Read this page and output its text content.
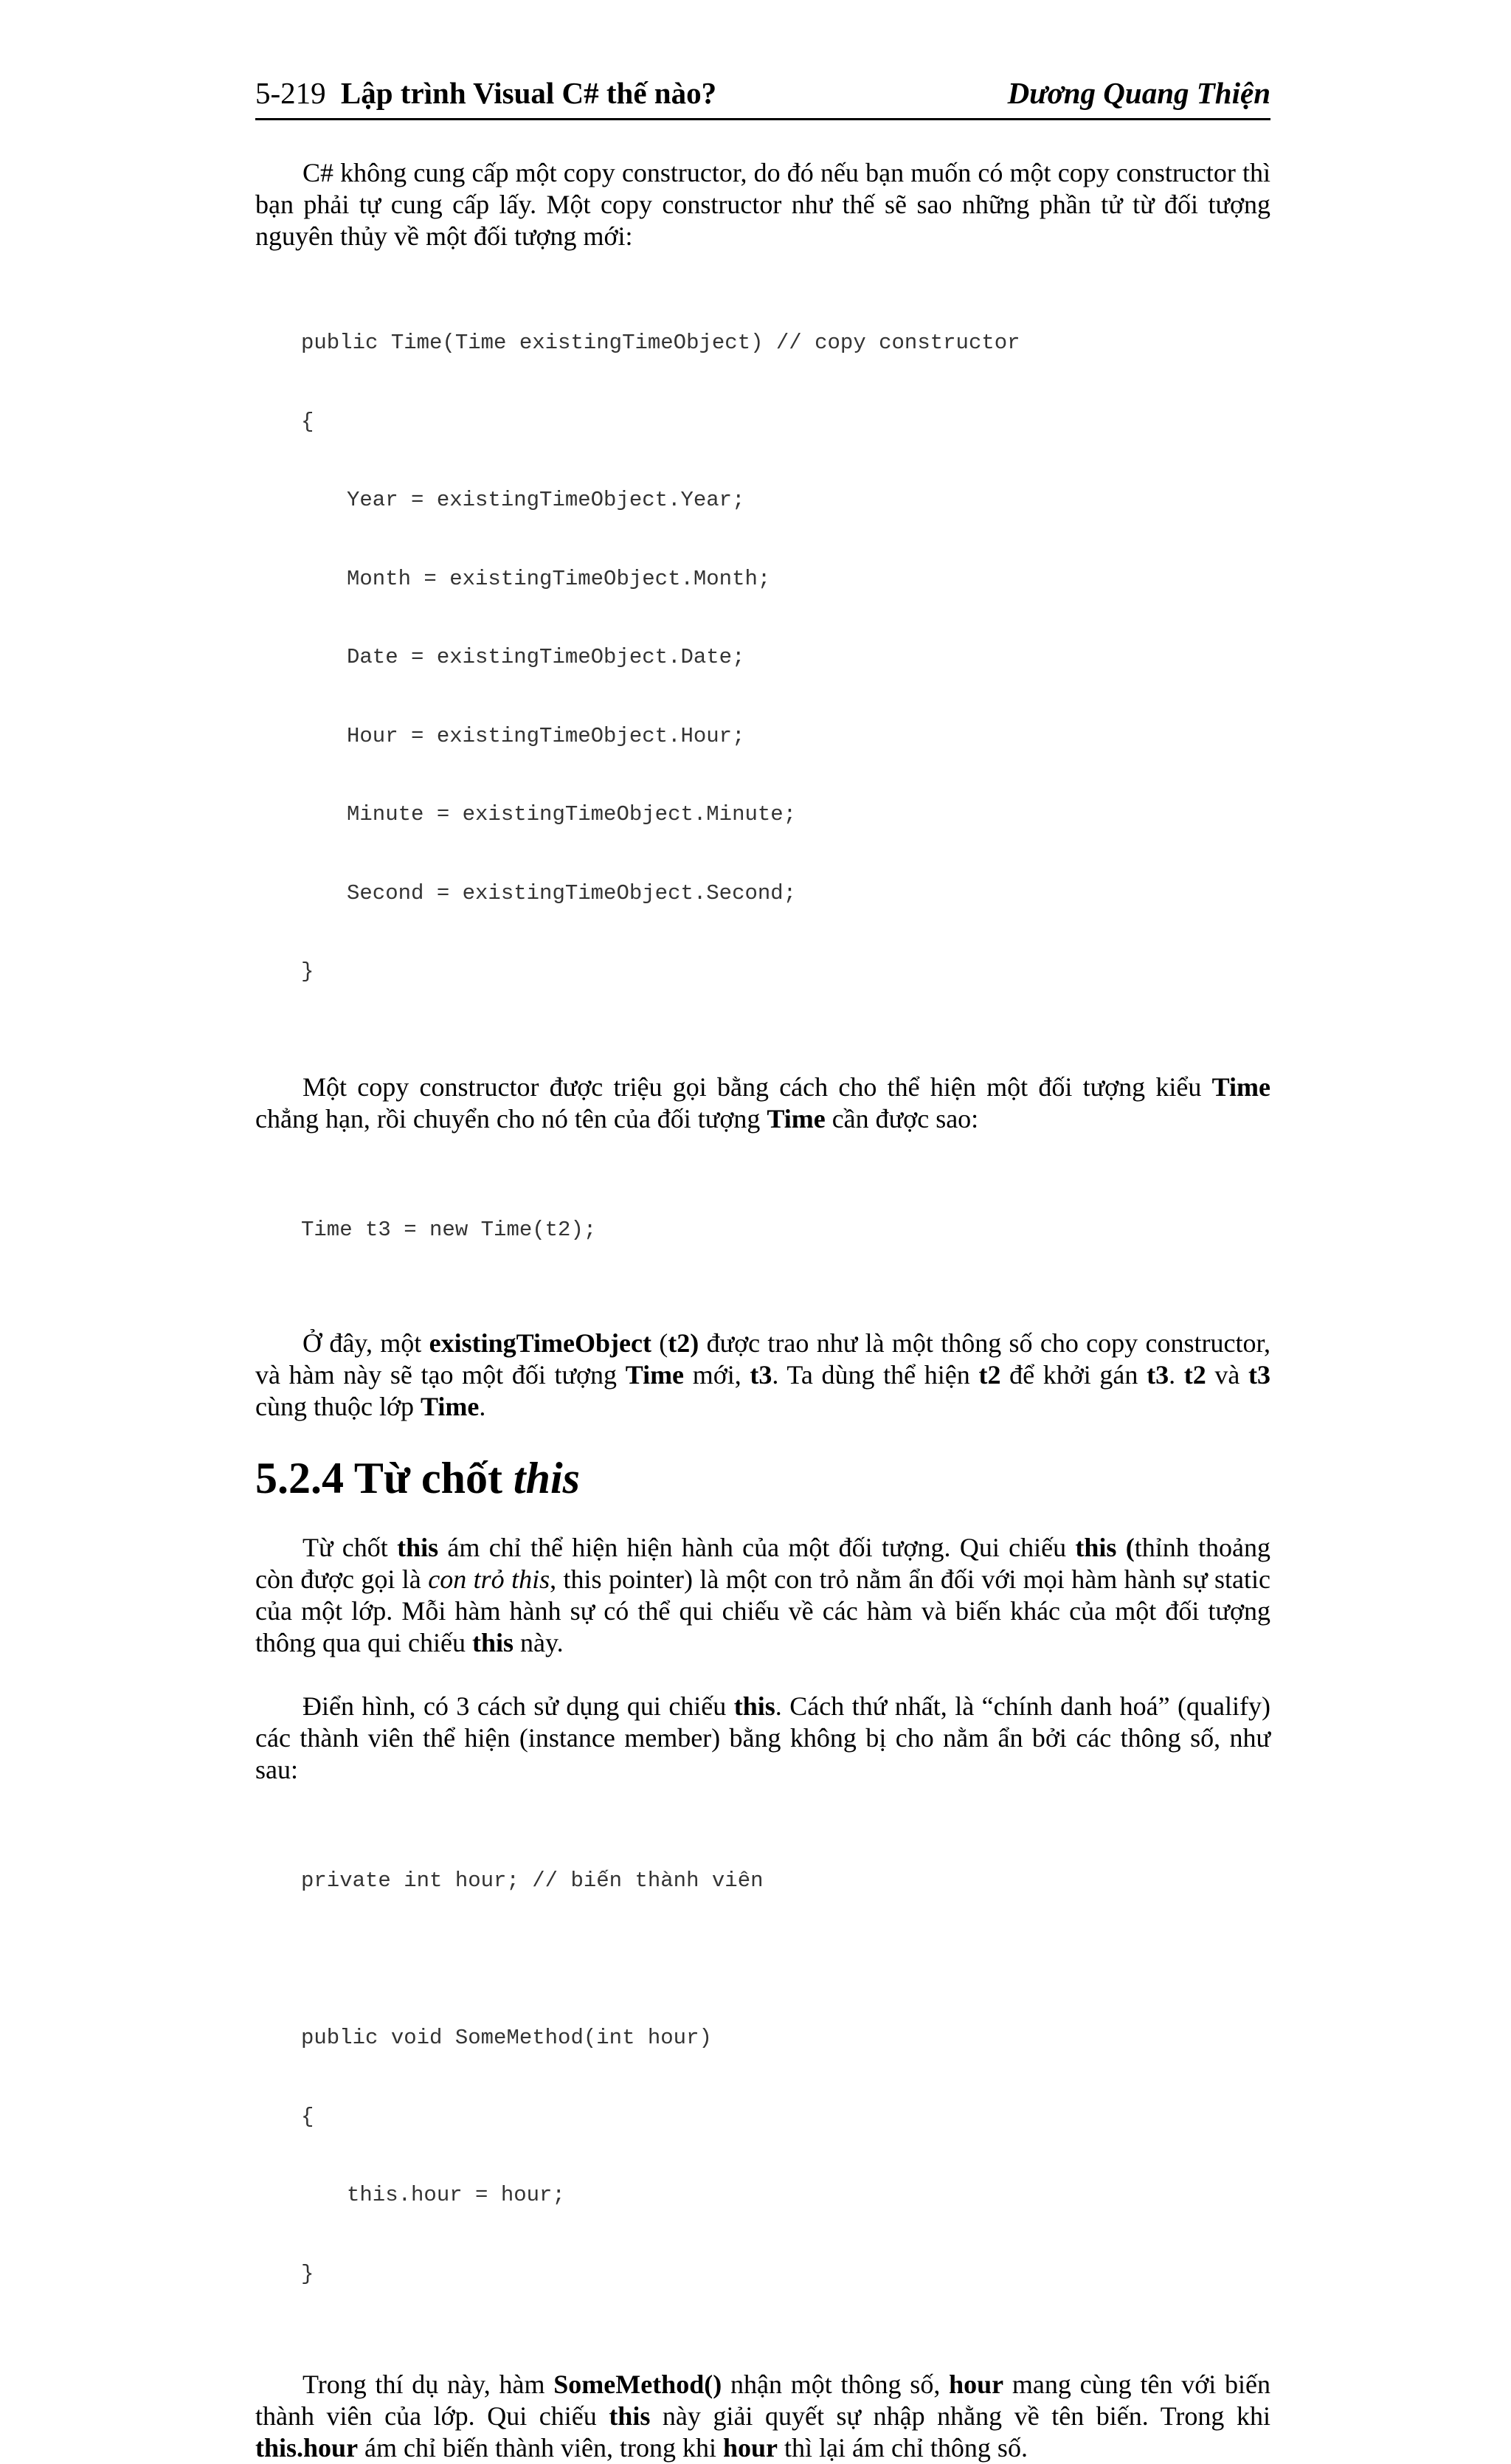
5-219 Lập trình Visual C# thế nào?	Dương Quang Thiện

C# không cung cấp một copy constructor, do đó nếu bạn muốn có một copy constructor thì bạn phải tự cung cấp lấy. Một copy constructor như thế sẽ sao những phần tử từ đối tượng nguyên thủy về một đối tượng mới:

public Time(Time existingTimeObject) // copy constructor

{

Year = existingTimeObject.Year;

Month = existingTimeObject.Month;

Date = existingTimeObject.Date;

Hour = existingTimeObject.Hour;

Minute = existingTimeObject.Minute;

Second = existingTimeObject.Second;

}

Một copy constructor được triệu gọi bằng cách cho thể hiện một đối tượng kiểu Time chẳng hạn, rồi chuyển cho nó tên của đối tượng Time cần được sao:

Time t3 = new Time(t2);

Ở đây, một existingTimeObject (t2) được trao như là một thông số cho copy constructor, và hàm này sẽ tạo một đối tượng Time mới, t3. Ta dùng thể hiện t2 để khởi gán t3. t2 và t3 cùng thuộc lớp Time.

5.2.4 Từ chốt this

Từ chốt this ám chỉ thể hiện hiện hành của một đối tượng. Qui chiếu this (thỉnh thoảng còn được gọi là con trỏ this, this pointer) là một con trỏ nằm ẩn đối với mọi hàm hành sự static của một lớp. Mỗi hàm hành sự có thể qui chiếu về các hàm và biến khác của một đối tượng thông qua qui chiếu this này.

Điển hình, có 3 cách sử dụng qui chiếu this. Cách thứ nhất, là “chính danh hoá” (qualify) các thành viên thể hiện (instance member) bằng không bị cho nằm ẩn bởi các thông số, như sau:

private int hour; // biến thành viên

public void SomeMethod(int hour)

{

this.hour = hour;

}

Trong thí dụ này, hàm SomeMethod() nhận một thông số, hour mang cùng tên với biến thành viên của lớp. Qui chiếu this này giải quyết sự nhập nhằng về tên biến. Trong khi this.hour ám chỉ biến thành viên, trong khi hour thì lại ám chỉ thông số.
